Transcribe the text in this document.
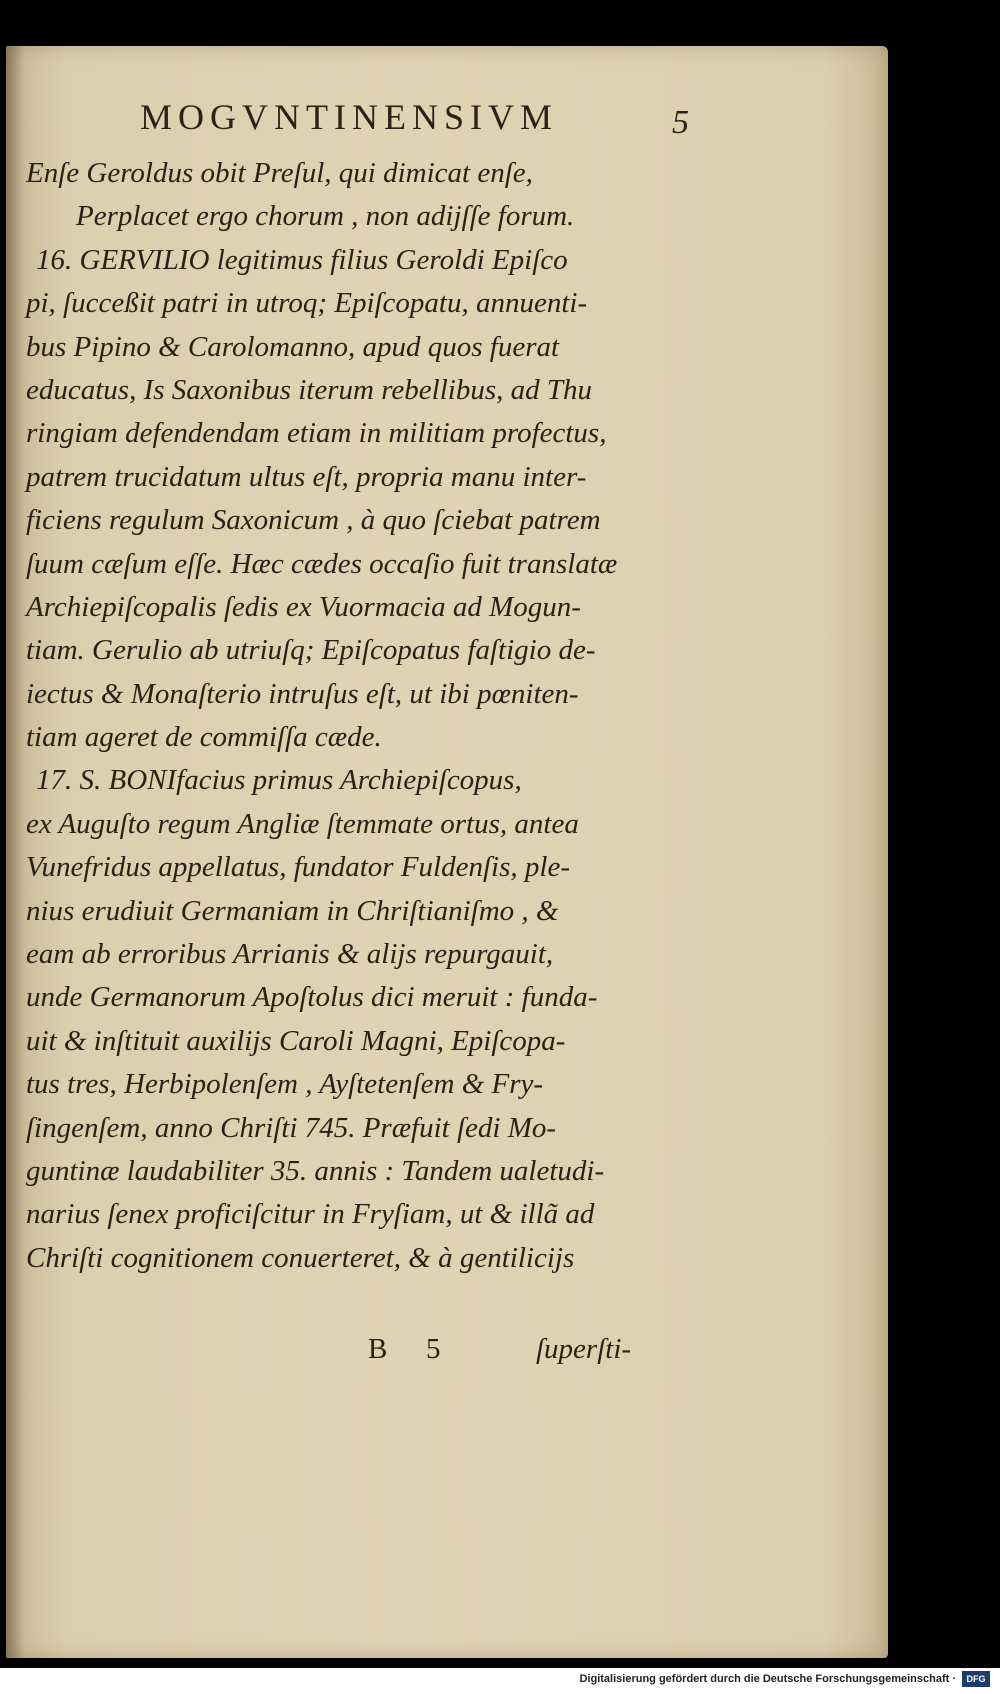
MOGVNTINENSIVM	5
Enſe Geroldus obit Preſul, qui dimicat enſe,
Perplacet ergo chorum , non adijſſe forum.
16. GERVILIO legitimus filius Geroldi Epiſco
pi, ſucceßit patri in utroq; Epiſcopatu, annuenti-
bus Pipino & Carolomanno, apud quos fuerat
educatus, Is Saxonibus iterum rebellibus, ad Thu
ringiam defendendam etiam in militiam profectus,
patrem trucidatum ultus eſt, propria manu inter-
ficiens regulum Saxonicum , à quo ſciebat patrem
ſuum cæſum eſſe. Hæc cædes occaſio fuit translatæ
Archiepiſcopalis ſedis ex Vuormacia ad Mogun-
tiam. Gerulio ab utriuſq; Epiſcopatus faſtigio de-
iectus & Monaſterio intruſus eſt, ut ibi pœniten-
tiam ageret de commiſſa cæde.
17. S. BONIfacius primus Archiepiſcopus,
ex Auguſto regum Angliæ ſtemmate ortus, antea
Vunefridus appellatus, fundator Fuldenſis, ple-
nius erudiuit Germaniam in Chriſtianiſmo , &
eam ab erroribus Arrianis & alijs repurgauit,
unde Germanorum Apoſtolus dici meruit : funda-
uit & inſtituit auxilijs Caroli Magni, Epiſcopa-
tus tres, Herbipolenſem , Ayſtetenſem & Fry-
ſingenſem, anno Chriſti 745. Præfuit ſedi Mo-
guntinæ laudabiliter 35. annis : Tandem ualetudi-
narius ſenex proficiſcitur in Fryſiam, ut & illã ad
Chriſti cognitionem conuerteret, & à gentilicijs
B 5	ſuperſti-
Digitalisierung gefördert durch die Deutsche Forschungsgemeinschaft ·	DFG
